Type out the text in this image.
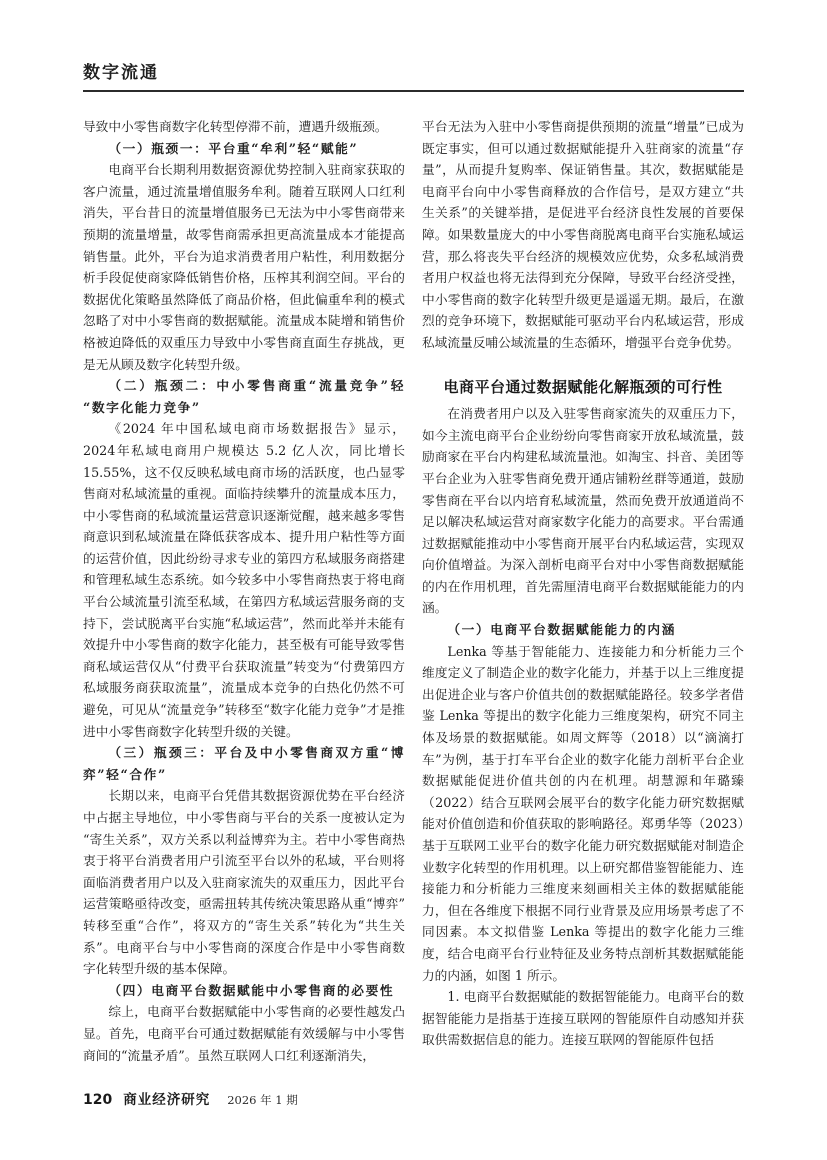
数字流通

导致中小零售商数字化转型停滞不前，遭遇升级瓶颈。

（一）瓶颈一：平台重“牟利”轻“赋能”

电商平台长期利用数据资源优势控制入驻商家获取的客户流量，通过流量增值服务牟利。随着互联网人口红利消失，平台昔日的流量增值服务已无法为中小零售商带来预期的流量增量，故零售商需承担更高流量成本才能提高销售量。此外，平台为追求消费者用户粘性，利用数据分析手段促使商家降低销售价格，压榨其利润空间。平台的数据优化策略虽然降低了商品价格，但此偏重牟利的模式忽略了对中小零售商的数据赋能。流量成本陡增和销售价格被迫降低的双重压力导致中小零售商直面生存挑战，更是无从顾及数字化转型升级。

（二）瓶颈二：中小零售商重“流量竞争”轻“数字化能力竞争”

《2024 年中国私域电商市场数据报告》显示，2024年私域电商用户规模达 5.2 亿人次，同比增长 15.55%，这不仅反映私域电商市场的活跃度，也凸显零售商对私域流量的重视。面临持续攀升的流量成本压力，中小零售商的私域流量运营意识逐渐觉醒，越来越多零售商意识到私域流量在降低获客成本、提升用户粘性等方面的运营价值，因此纷纷寻求专业的第四方私域服务商搭建和管理私域生态系统。如今较多中小零售商热衷于将电商平台公域流量引流至私域，在第四方私域运营服务商的支持下，尝试脱离平台实施“私域运营”，然而此举并未能有效提升中小零售商的数字化能力，甚至极有可能导致零售商私域运营仅从“付费平台获取流量”转变为“付费第四方私域服务商获取流量”，流量成本竞争的白热化仍然不可避免，可见从“流量竞争”转移至“数字化能力竞争”才是推进中小零售商数字化转型升级的关键。

（三）瓶颈三：平台及中小零售商双方重“博弈”轻“合作”

长期以来，电商平台凭借其数据资源优势在平台经济中占据主导地位，中小零售商与平台的关系一度被认定为“寄生关系”，双方关系以利益博弈为主。若中小零售商热衷于将平台消费者用户引流至平台以外的私域，平台则将面临消费者用户以及入驻商家流失的双重压力，因此平台运营策略亟待改变，亟需扭转其传统决策思路从重“博弈”转移至重“合作”，将双方的“寄生关系”转化为“共生关系”。电商平台与中小零售商的深度合作是中小零售商数字化转型升级的基本保障。

（四）电商平台数据赋能中小零售商的必要性

综上，电商平台数据赋能中小零售商的必要性越发凸显。首先，电商平台可通过数据赋能有效缓解与中小零售商间的“流量矛盾”。虽然互联网人口红利逐渐消失，

平台无法为入驻中小零售商提供预期的流量“增量”已成为既定事实，但可以通过数据赋能提升入驻商家的流量“存量”，从而提升复购率、保证销售量。其次，数据赋能是电商平台向中小零售商释放的合作信号，是双方建立“共生关系”的关键举措，是促进平台经济良性发展的首要保障。如果数量庞大的中小零售商脱离电商平台实施私域运营，那么将丧失平台经济的规模效应优势，众多私域消费者用户权益也将无法得到充分保障，导致平台经济受挫，中小零售商的数字化转型升级更是遥遥无期。最后，在激烈的竞争环境下，数据赋能可驱动平台内私域运营，形成私域流量反哺公域流量的生态循环，增强平台竞争优势。

电商平台通过数据赋能化解瓶颈的可行性

在消费者用户以及入驻零售商家流失的双重压力下，如今主流电商平台企业纷纷向零售商家开放私域流量，鼓励商家在平台内构建私域流量池。如淘宝、抖音、美团等平台企业为入驻零售商免费开通店铺粉丝群等通道，鼓励零售商在平台以内培育私域流量，然而免费开放通道尚不足以解决私域运营对商家数字化能力的高要求。平台需通过数据赋能推动中小零售商开展平台内私域运营，实现双向价值增益。为深入剖析电商平台对中小零售商数据赋能的内在作用机理，首先需厘清电商平台数据赋能能力的内涵。

（一）电商平台数据赋能能力的内涵

Lenka 等基于智能能力、连接能力和分析能力三个维度定义了制造企业的数字化能力，并基于以上三维度提出促进企业与客户价值共创的数据赋能路径。较多学者借鉴 Lenka 等提出的数字化能力三维度架构，研究不同主体及场景的数据赋能。如周文辉等（2018）以“滴滴打车”为例，基于打车平台企业的数字化能力剖析平台企业数据赋能促进价值共创的内在机理。胡慧源和年璐臻（2022）结合互联网会展平台的数字化能力研究数据赋能对价值创造和价值获取的影响路径。郑勇华等（2023）基于互联网工业平台的数字化能力研究数据赋能对制造企业数字化转型的作用机理。以上研究都借鉴智能能力、连接能力和分析能力三维度来刻画相关主体的数据赋能能力，但在各维度下根据不同行业背景及应用场景考虑了不同因素。本文拟借鉴 Lenka 等提出的数字化能力三维度，结合电商平台行业特征及业务特点剖析其数据赋能能力的内涵，如图 1 所示。

1. 电商平台数据赋能的数据智能能力。电商平台的数据智能能力是指基于连接互联网的智能原件自动感知并获取供需数据信息的能力。连接互联网的智能原件包括

120 商业经济研究 2026 年 1 期
